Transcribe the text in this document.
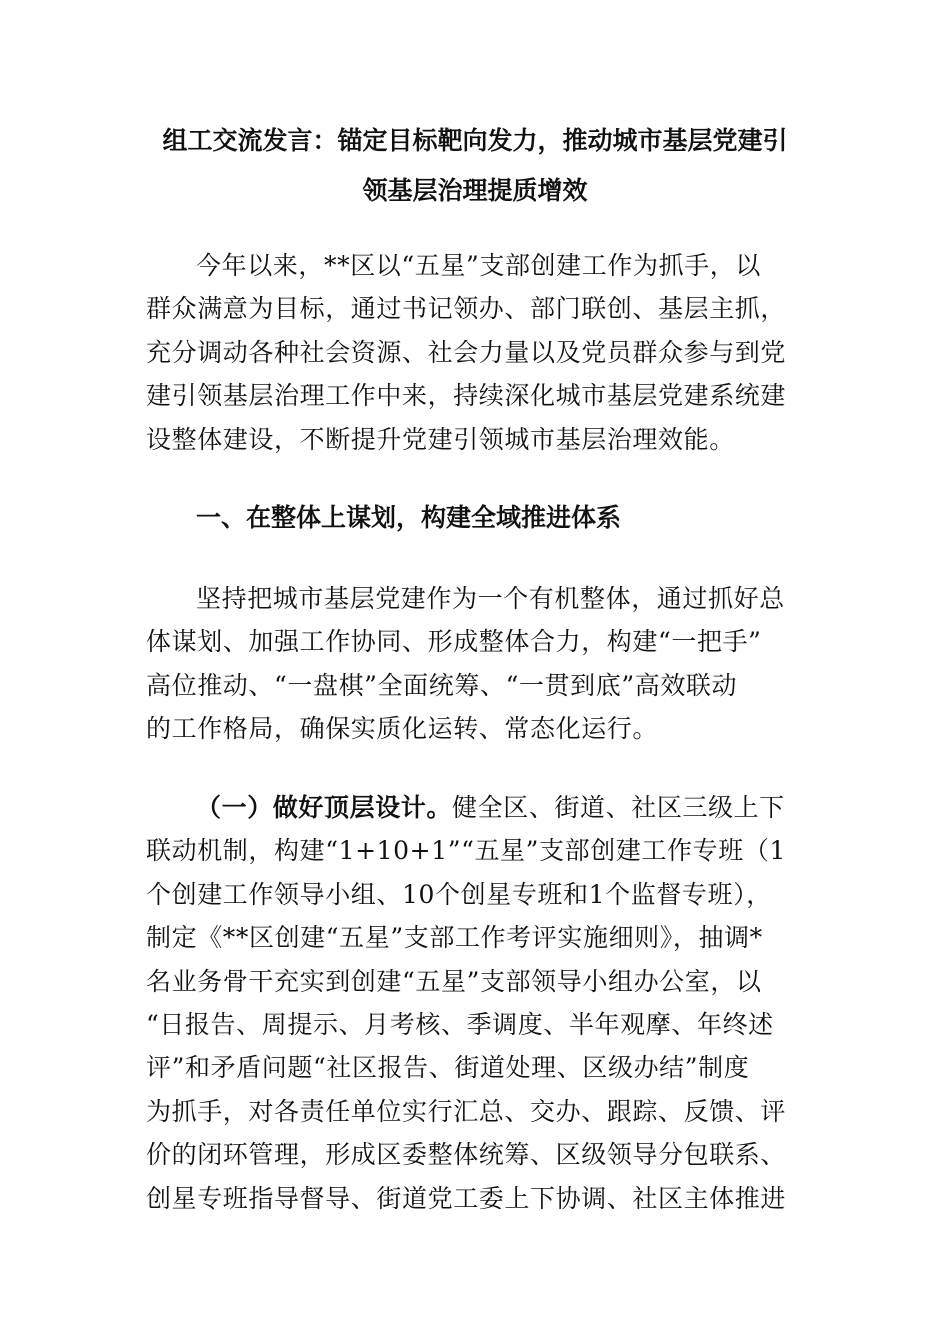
组工交流发言：锚定目标靶向发力，推动城市基层党建引
领基层治理提质增效

今年以来，**区以“五星”支部创建工作为抓手，以
群众满意为目标，通过书记领办、部门联创、基层主抓，
充分调动各种社会资源、社会力量以及党员群众参与到党
建引领基层治理工作中来，持续深化城市基层党建系统建
设整体建设，不断提升党建引领城市基层治理效能。

一、在整体上谋划，构建全域推进体系

坚持把城市基层党建作为一个有机整体，通过抓好总
体谋划、加强工作协同、形成整体合力，构建“一把手”
高位推动、“一盘棋”全面统筹、“一贯到底”高效联动
的工作格局，确保实质化运转、常态化运行。

（一）做好顶层设计。健全区、街道、社区三级上下
联动机制，构建“1+10+1”“五星”支部创建工作专班（1
个创建工作领导小组、10个创星专班和1个监督专班），
制定《**区创建“五星”支部工作考评实施细则》，抽调*
名业务骨干充实到创建“五星”支部领导小组办公室，以
“日报告、周提示、月考核、季调度、半年观摩、年终述
评”和矛盾问题“社区报告、街道处理、区级办结”制度
为抓手，对各责任单位实行汇总、交办、跟踪、反馈、评
价的闭环管理，形成区委整体统筹、区级领导分包联系、
创星专班指导督导、街道党工委上下协调、社区主体推进
